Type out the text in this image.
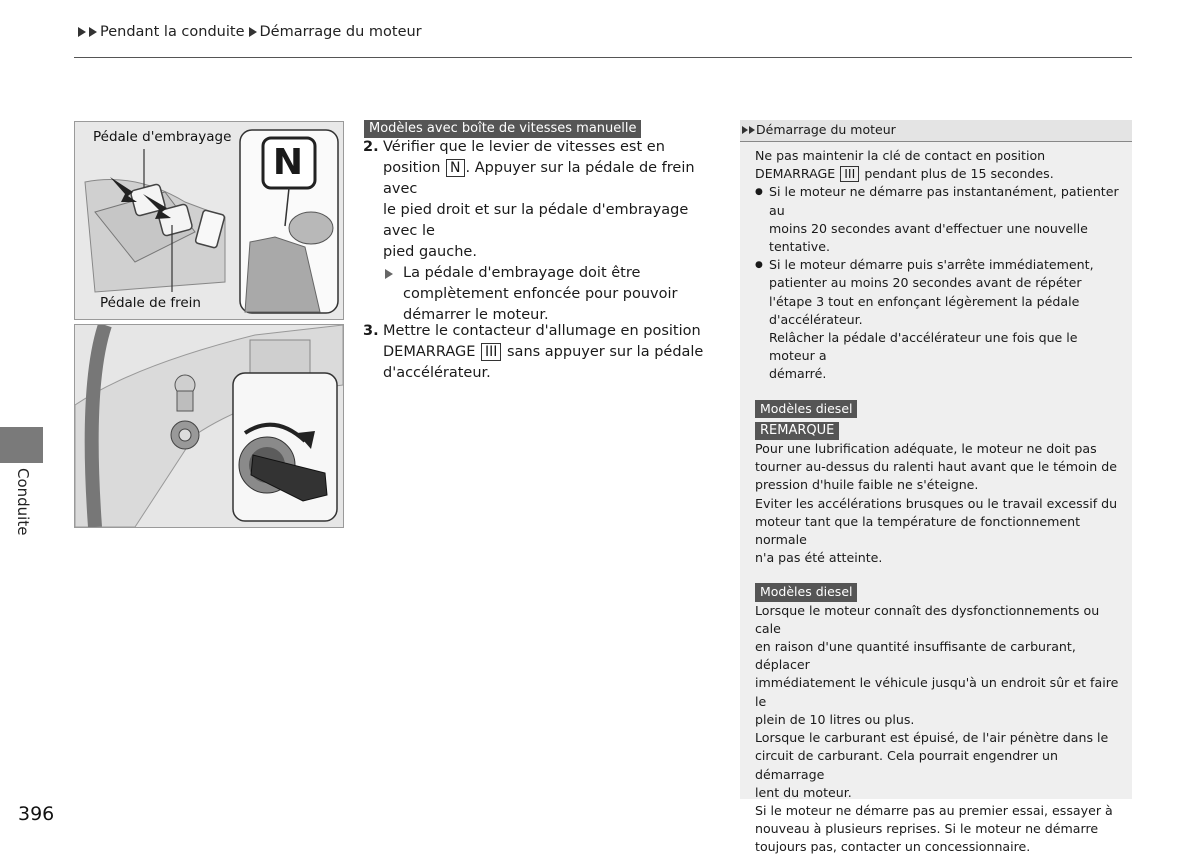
Pendant la conduite Démarrage du moteur
Pédale d'embrayage
Pédale de frein
N
Modèles avec boîte de vitesses manuelle
2. Vérifier que le levier de vitesses est en
position N . Appuyer sur la pédale de frein avec
le pied droit et sur la pédale d'embrayage avec le
pied gauche.
La pédale d'embrayage doit être
complètement enfoncée pour pouvoir
démarrer le moteur.
3. Mettre le contacteur d'allumage en position
DEMARRAGE III sans appuyer sur la pédale
d'accélérateur.
Démarrage du moteur
Ne pas maintenir la clé de contact en position
DEMARRAGE III pendant plus de 15 secondes.
● Si le moteur ne démarre pas instantanément, patienter au
moins 20 secondes avant d'effectuer une nouvelle
tentative.
● Si le moteur démarre puis s'arrête immédiatement,
patienter au moins 20 secondes avant de répéter
l'étape 3 tout en enfonçant légèrement la pédale
d'accélérateur.
Relâcher la pédale d'accélérateur une fois que le moteur a
démarré.
Modèles diesel
REMARQUE
Pour une lubrification adéquate, le moteur ne doit pas
tourner au-dessus du ralenti haut avant que le témoin de
pression d'huile faible ne s'éteigne.
Eviter les accélérations brusques ou le travail excessif du
moteur tant que la température de fonctionnement normale
n'a pas été atteinte.
Modèles diesel
Lorsque le moteur connaît des dysfonctionnements ou cale
en raison d'une quantité insuffisante de carburant, déplacer
immédiatement le véhicule jusqu'à un endroit sûr et faire le
plein de 10 litres ou plus.
Lorsque le carburant est épuisé, de l'air pénètre dans le
circuit de carburant. Cela pourrait engendrer un démarrage
lent du moteur.
Si le moteur ne démarre pas au premier essai, essayer à
nouveau à plusieurs reprises. Si le moteur ne démarre
toujours pas, contacter un concessionnaire.
Conduite
396
